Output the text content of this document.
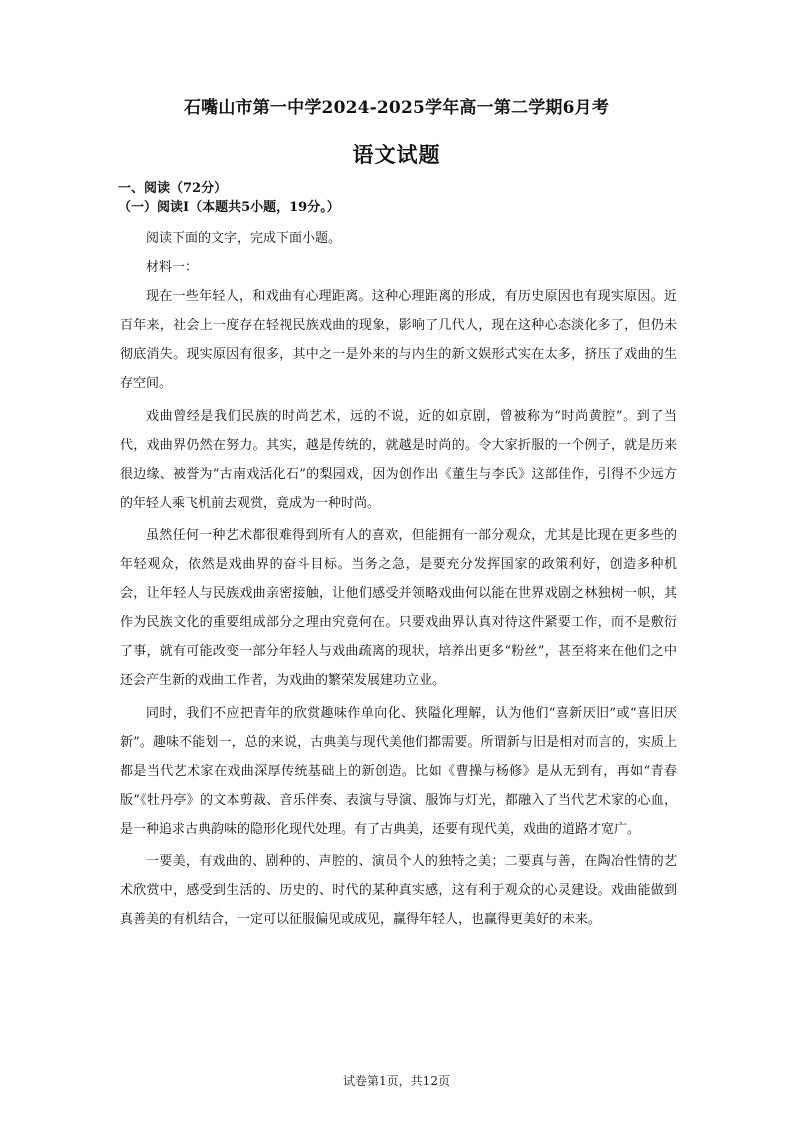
石嘴山市第一中学2024-2025学年高一第二学期6月考
语文试题
一、阅读（72分）
（一）阅读I（本题共5小题，19分。）

阅读下面的文字，完成下面小题。

材料一：

现在一些年轻人，和戏曲有心理距离。这种心理距离的形成，有历史原因也有现实原因。近百年来，社会上一度存在轻视民族戏曲的现象，影响了几代人，现在这种心态淡化多了，但仍未彻底消失。现实原因有很多，其中之一是外来的与内生的新文娱形式实在太多，挤压了戏曲的生存空间。

戏曲曾经是我们民族的时尚艺术，远的不说，近的如京剧，曾被称为“时尚黄腔”。到了当代，戏曲界仍然在努力。其实，越是传统的，就越是时尚的。令大家折服的一个例子，就是历来很边缘、被誉为“古南戏活化石”的梨园戏，因为创作出《董生与李氏》这部佳作，引得不少远方的年轻人乘飞机前去观赏，竟成为一种时尚。

虽然任何一种艺术都很难得到所有人的喜欢，但能拥有一部分观众，尤其是比现在更多些的年轻观众，依然是戏曲界的奋斗目标。当务之急，是要充分发挥国家的政策利好，创造多种机会，让年轻人与民族戏曲亲密接触，让他们感受并领略戏曲何以能在世界戏剧之林独树一帜，其作为民族文化的重要组成部分之理由究竟何在。只要戏曲界认真对待这件紧要工作，而不是敷衍了事，就有可能改变一部分年轻人与戏曲疏离的现状，培养出更多“粉丝”，甚至将来在他们之中还会产生新的戏曲工作者，为戏曲的繁荣发展建功立业。

同时，我们不应把青年的欣赏趣味作单向化、狭隘化理解，认为他们“喜新厌旧”或“喜旧厌新”。趣味不能划一，总的来说，古典美与现代美他们都需要。所谓新与旧是相对而言的，实质上都是当代艺术家在戏曲深厚传统基础上的新创造。比如《曹操与杨修》是从无到有，再如“青春版”《牡丹亭》的文本剪裁、音乐伴奏、表演与导演、服饰与灯光，都融入了当代艺术家的心血，是一种追求古典韵味的隐形化现代处理。有了古典美，还要有现代美，戏曲的道路才宽广。

一要美，有戏曲的、剧种的、声腔的、演员个人的独特之美；二要真与善，在陶冶性情的艺术欣赏中，感受到生活的、历史的、时代的某种真实感，这有利于观众的心灵建设。戏曲能做到真善美的有机结合，一定可以征服偏见或成见，赢得年轻人，也赢得更美好的未来。

试卷第1页，共12页
